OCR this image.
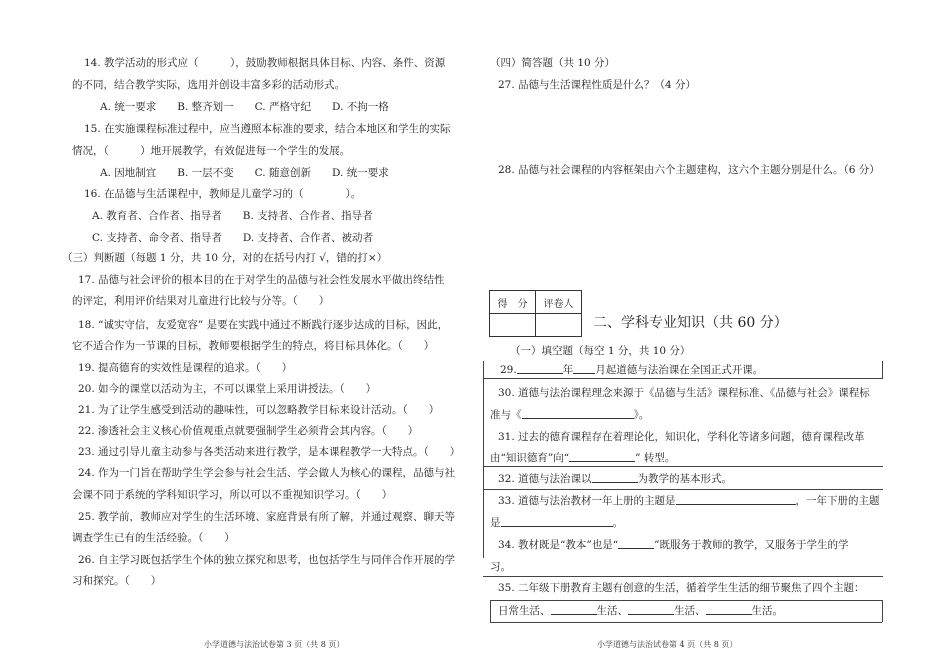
14. 教学活动的形式应（　　　），鼓励教师根据具体目标、内容、条件、资源
的不同，结合教学实际，选用并创设丰富多彩的活动形式。
A. 统一要求　　B. 整齐划一　　C. 严格守纪　　D. 不拘一格
15. 在实施课程标准过程中，应当遵照本标准的要求，结合本地区和学生的实际
情况，（　　　）地开展教学，有效促进每一个学生的发展。
A. 因地制宜　　B. 一层不变　　C. 随意创新　　D. 统一要求
16. 在品德与生活课程中，教师是儿童学习的（　　　　）。
A. 教育者、合作者、指导者　　B. 支持者、合作者、指导者
C. 支持者、命令者、指导者　　D. 支持者、合作者、被动者
（三）判断题（每题 1 分，共 10 分，对的在括号内打 √，错的打×）
17. 品德与社会评价的根本目的在于对学生的品德与社会性发展水平做出终结性
的评定，利用评价结果对儿童进行比较与分等。（　　）
18. “诚实守信，友爱宽容” 是要在实践中通过不断践行逐步达成的目标，因此，
它不适合作为一节课的目标，教师要根据学生的特点，将目标具体化。（　　）
19. 提高德育的实效性是课程的追求。（　　）
20. 如今的课堂以活动为主，不可以课堂上采用讲授法。（　　）
21. 为了让学生感受到活动的趣味性，可以忽略教学目标来设计活动。（　　）
22. 渗透社会主义核心价值观重点就要强制学生必须背会其内容。（　　）
23. 通过引导儿童主动参与各类活动来进行教学，是本课程教学一大特点。（　　）
24. 作为一门旨在帮助学生学会参与社会生活、学会做人为核心的课程，品德与社
会课不同于系统的学科知识学习，所以可以不重视知识学习。（　　）
25. 教学前，教师应对学生的生活环境、家庭背景有所了解，并通过观察、聊天等
调查学生已有的生活经验。（　　）
26. 自主学习既包括学生个体的独立探究和思考，也包括学生与同伴合作开展的学
习和探究。（　　）
小学道德与法治试卷第 3 页（共 8 页）
（四）简答题（共 10 分）
27. 品德与生活课程性质是什么？（4 分）
28. 品德与社会课程的内容框架由六个主题建构，这六个主题分别是什么。（6 分）
得　分	评卷人

二、学科专业知识（共 60 分）
（一）填空题（每空 1 分，共 10 分）
29.	年 月起道德与法治课在全国正式开课。
30. 道德与法治课程理念来源于《品德与生活》课程标准、《品德与社会》课程标
准与《	》。
31. 过去的德育课程存在着理论化，知识化，学科化等诸多问题，德育课程改革
由“知识德育”向“	” 转型。
32. 道德与法治课以	为教学的基本形式。
33. 道德与法治教材一年上册的主题是	，一年下册的主题
是	。
34. 教材既是“教本”也是“	”既服务于教师的教学，又服务于学生的学
习。
35. 二年级下册教育主题有创意的生活，循着学生生活的细节聚焦了四个主题：
日常生活、	生活、	生活、	生活。
小学道德与法治试卷第 4 页（共 8 页）
